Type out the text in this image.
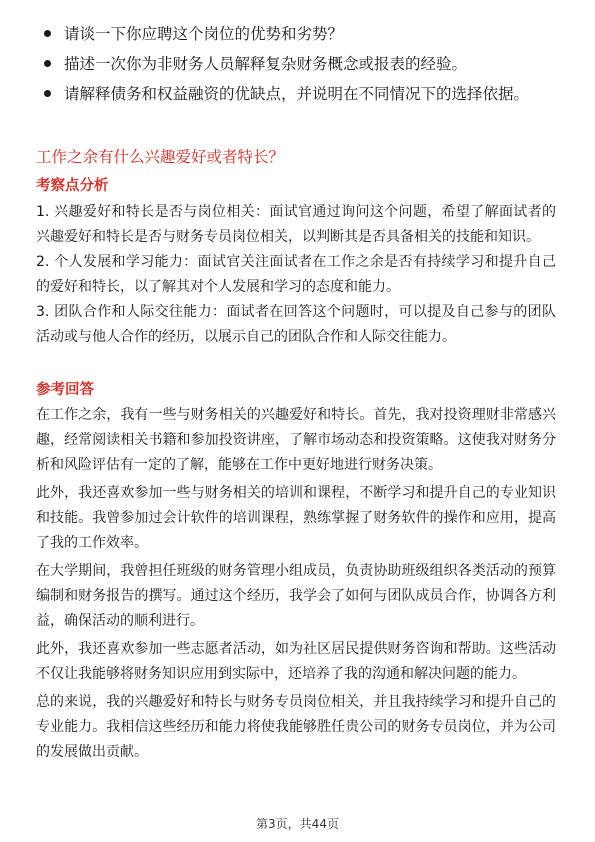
请谈一下你应聘这个岗位的优势和劣势？
描述一次你为非财务人员解释复杂财务概念或报表的经验。
请解释债务和权益融资的优缺点，并说明在不同情况下的选择依据。
工作之余有什么兴趣爱好或者特长？
考察点分析

1. 兴趣爱好和特长是否与岗位相关：面试官通过询问这个问题，希望了解面试者的兴趣爱好和特长是否与财务专员岗位相关，以判断其是否具备相关的技能和知识。

2. 个人发展和学习能力：面试官关注面试者在工作之余是否有持续学习和提升自己的爱好和特长，以了解其对个人发展和学习的态度和能力。

3. 团队合作和人际交往能力：面试者在回答这个问题时，可以提及自己参与的团队活动或与他人合作的经历，以展示自己的团队合作和人际交往能力。

参考回答

在工作之余，我有一些与财务相关的兴趣爱好和特长。首先，我对投资理财非常感兴趣，经常阅读相关书籍和参加投资讲座，了解市场动态和投资策略。这使我对财务分析和风险评估有一定的了解，能够在工作中更好地进行财务决策。

此外，我还喜欢参加一些与财务相关的培训和课程，不断学习和提升自己的专业知识和技能。我曾参加过会计软件的培训课程，熟练掌握了财务软件的操作和应用，提高了我的工作效率。

在大学期间，我曾担任班级的财务管理小组成员，负责协助班级组织各类活动的预算编制和财务报告的撰写。通过这个经历，我学会了如何与团队成员合作，协调各方利益，确保活动的顺利进行。

此外，我还喜欢参加一些志愿者活动，如为社区居民提供财务咨询和帮助。这些活动不仅让我能够将财务知识应用到实际中，还培养了我的沟通和解决问题的能力。

总的来说，我的兴趣爱好和特长与财务专员岗位相关，并且我持续学习和提升自己的专业能力。我相信这些经历和能力将使我能够胜任贵公司的财务专员岗位，并为公司的发展做出贡献。

第3页，共44页
